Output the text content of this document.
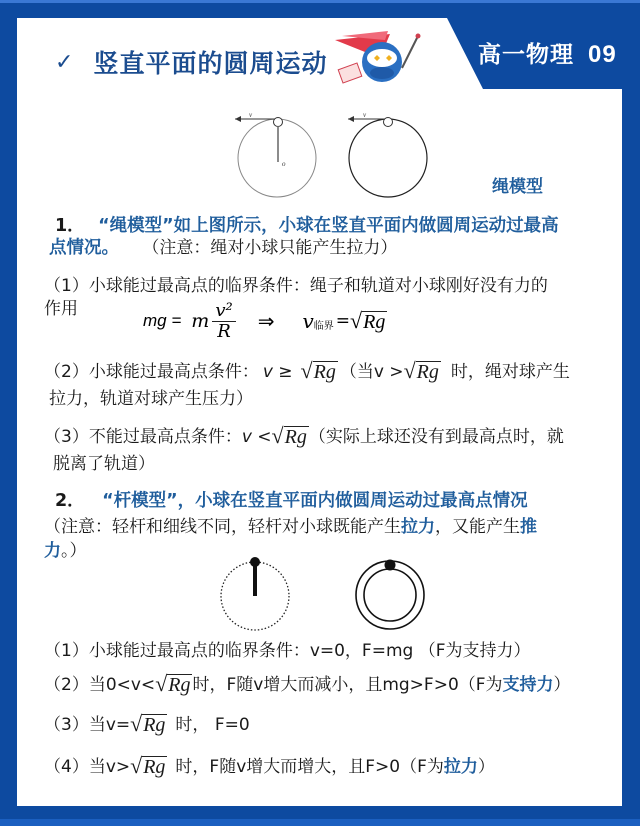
高一物理 09
✓ 竖直平面的圆周运动
o
v	v
绳模型
1． “绳模型”如上图所示，小球在竖直平面内做圆周运动过最高
点情况。 （注意：绳对小球只能产生拉力）
（1）小球能过最高点的临界条件：绳子和轨道对小球刚好没有力的
作用
mg = m $\frac{\text{v²}}{R}$ ⇒ v 临界 = √Rg
（2）小球能过最高点条件： v ≥ √Rg （当v > √Rg 时，绳对球产生
拉力，轨道对球产生压力）
（3）不能过最高点条件： v < √Rg （实际上球还没有到最高点时，就
脱离了轨道）
2． “杆模型”，小球在竖直平面内做圆周运动过最高点情况
（注意：轻杆和细线不同，轻杆对小球既能产生拉力，又能产生推
力。）
（1）小球能过最高点的临界条件：v=0，F=mg （F为支持力）
（2）当0<v< √Rg 时，F随v增大而减小，且mg>F>0（F为 支持力 ）
（3）当v= √Rg 时， F=0
（4）当v> √Rg 时，F随v增大而增大，且F>0（F为 拉力 ）
